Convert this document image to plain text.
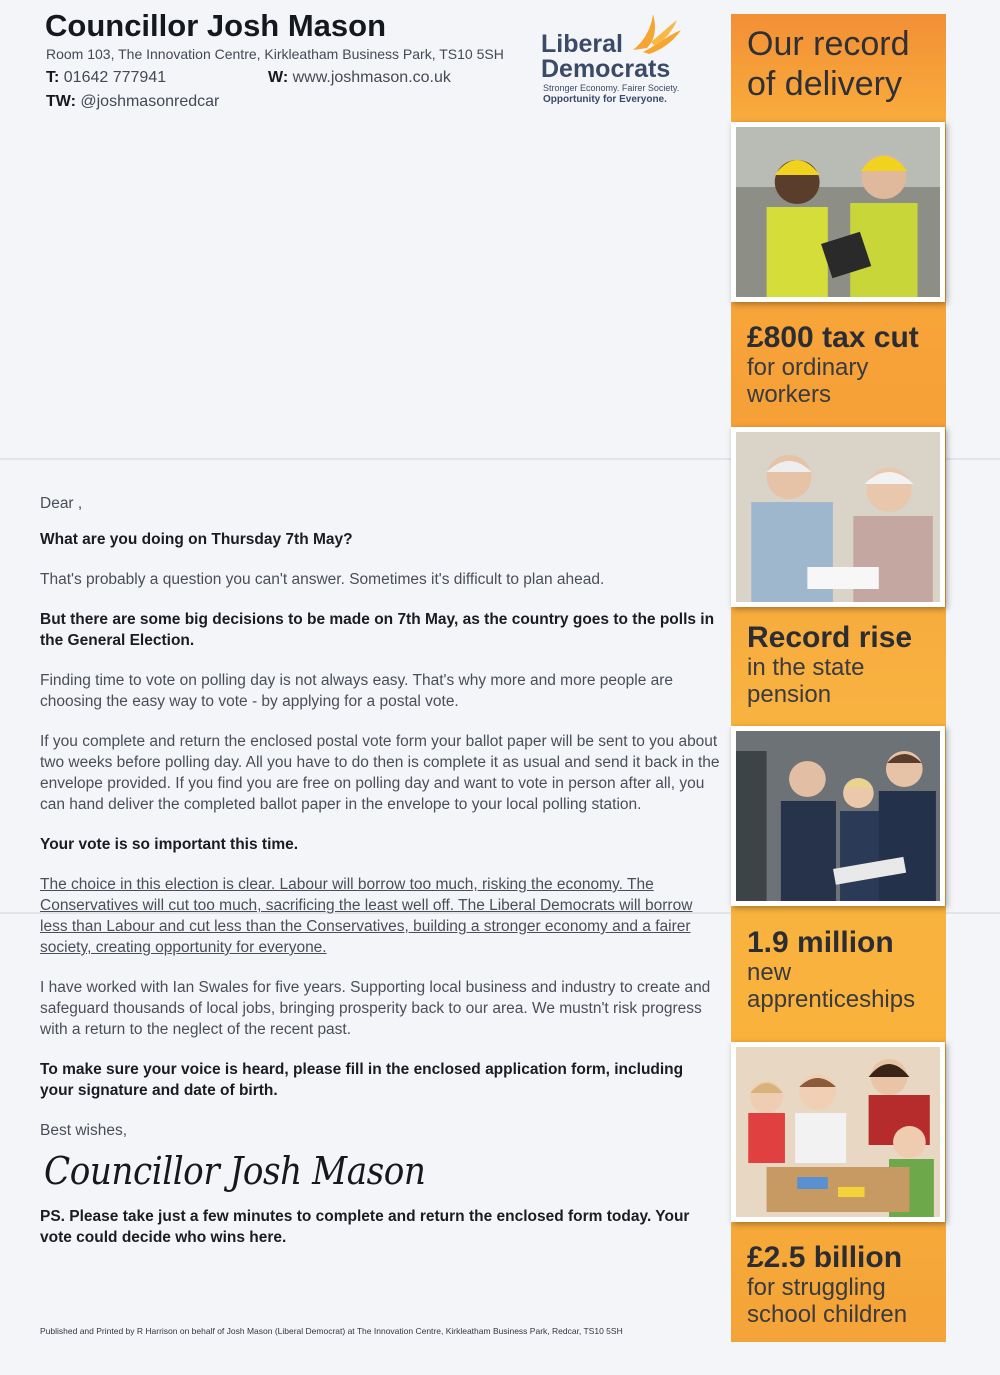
Councillor Josh Mason
Room 103, The Innovation Centre, Kirkleatham Business Park, TS10 5SH
T: 01642 777941	W: www.joshmason.co.uk
TW: @joshmasonredcar
Liberal
Democrats
Stronger Economy. Fairer Society.
Opportunity for Everyone.

Dear ,

What are you doing on Thursday 7th May?

That's probably a question you can't answer. Sometimes it's difficult to plan ahead.

But there are some big decisions to be made on 7th May, as the country goes to the polls in the General Election.

Finding time to vote on polling day is not always easy. That's why more and more people are choosing the easy way to vote - by applying for a postal vote.

If you complete and return the enclosed postal vote form your ballot paper will be sent to you about two weeks before polling day. All you have to do then is complete it as usual and send it back in the envelope provided. If you find you are free on polling day and want to vote in person after all, you can hand deliver the completed ballot paper in the envelope to your local polling station.

Your vote is so important this time.

The choice in this election is clear. Labour will borrow too much, risking the economy. The Conservatives will cut too much, sacrificing the least well off. The Liberal Democrats will borrow less than Labour and cut less than the Conservatives, building a stronger economy and a fairer society, creating opportunity for everyone.

I have worked with Ian Swales for five years. Supporting local business and industry to create and safeguard thousands of local jobs, bringing prosperity back to our area. We mustn't risk progress with a return to the neglect of the recent past.

To make sure your voice is heard, please fill in the enclosed application form, including your signature and date of birth.

Best wishes,

Councillor Josh Mason

PS. Please take just a few minutes to complete and return the enclosed form today. Your vote could decide who wins here.

Published and Printed by R Harrison on behalf of Josh Mason (Liberal Democrat) at The Innovation Centre, Kirkleatham Business Park, Redcar, TS10 5SH
Our record of delivery
£800 tax cut
for ordinary workers
Record rise
in the state pension
1.9 million
new apprenticeships
£2.5 billion
for struggling school children
